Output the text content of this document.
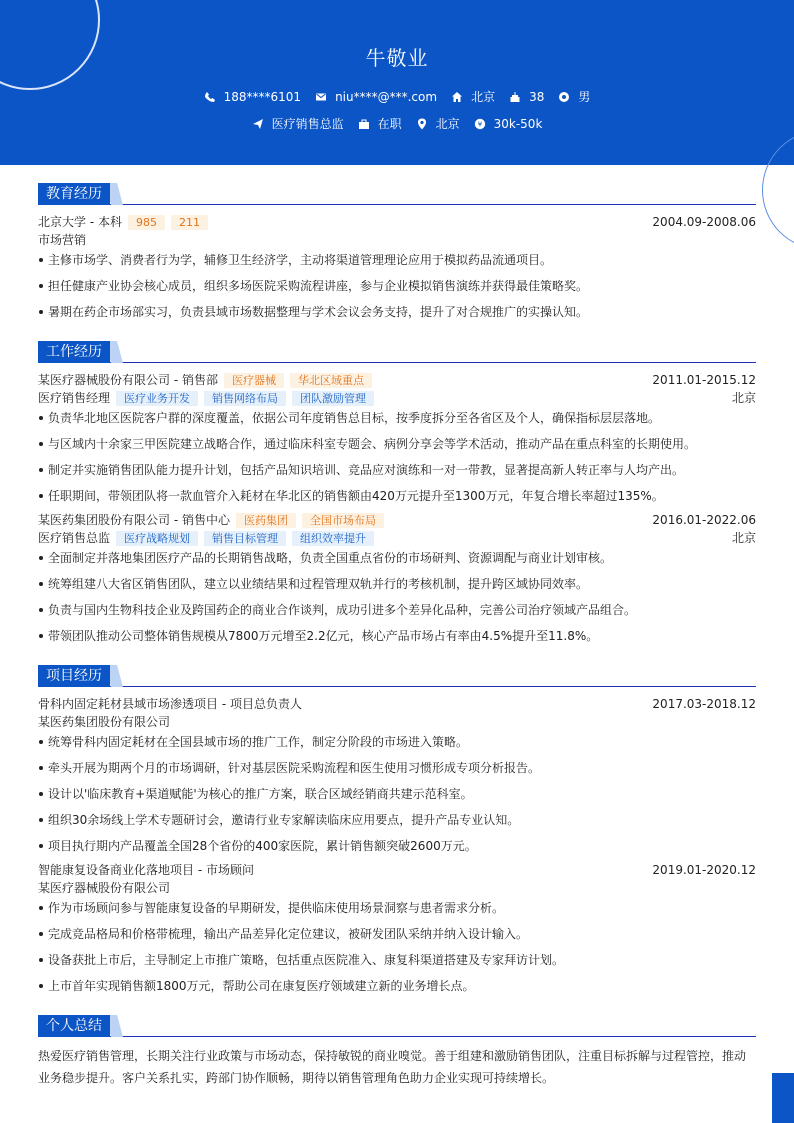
牛敬业
188****6101	niu****@***.com	北京	38	男
医疗销售总监	在职	北京	¥ 30k-50k
教育经历
北京大学 - 本科	985	211	2004.09-2008.06
市场营销
主修市场学、消费者行为学，辅修卫生经济学，主动将渠道管理理论应用于模拟药品流通项目。
担任健康产业协会核心成员，组织多场医院采购流程讲座，参与企业模拟销售演练并获得最佳策略奖。
暑期在药企市场部实习，负责县域市场数据整理与学术会议会务支持，提升了对合规推广的实操认知。
工作经历
某医疗器械股份有限公司 - 销售部	医疗器械	华北区域重点	2011.01-2015.12
医疗销售经理	医疗业务开发	销售网络布局	团队激励管理	北京
负责华北地区医院客户群的深度覆盖，依据公司年度销售总目标，按季度拆分至各省区及个人，确保指标层层落地。
与区域内十余家三甲医院建立战略合作，通过临床科室专题会、病例分享会等学术活动，推动产品在重点科室的长期使用。
制定并实施销售团队能力提升计划，包括产品知识培训、竞品应对演练和一对一带教，显著提高新人转正率与人均产出。
任职期间，带领团队将一款血管介入耗材在华北区的销售额由420万元提升至1300万元，年复合增长率超过135%。
某医药集团股份有限公司 - 销售中心	医药集团	全国市场布局	2016.01-2022.06
医疗销售总监	医疗战略规划	销售目标管理	组织效率提升	北京
全面制定并落地集团医疗产品的长期销售战略，负责全国重点省份的市场研判、资源调配与商业计划审核。
统筹组建八大省区销售团队，建立以业绩结果和过程管理双轨并行的考核机制，提升跨区域协同效率。
负责与国内生物科技企业及跨国药企的商业合作谈判，成功引进多个差异化品种，完善公司治疗领域产品组合。
带领团队推动公司整体销售规模从7800万元增至2.2亿元，核心产品市场占有率由4.5%提升至11.8%。
项目经历
骨科内固定耗材县域市场渗透项目 - 项目总负责人	2017.03-2018.12
某医药集团股份有限公司
统筹骨科内固定耗材在全国县域市场的推广工作，制定分阶段的市场进入策略。
牵头开展为期两个月的市场调研，针对基层医院采购流程和医生使用习惯形成专项分析报告。
设计以'临床教育+渠道赋能'为核心的推广方案，联合区域经销商共建示范科室。
组织30余场线上学术专题研讨会，邀请行业专家解读临床应用要点，提升产品专业认知。
项目执行期内产品覆盖全国28个省份的400家医院，累计销售额突破2600万元。
智能康复设备商业化落地项目 - 市场顾问	2019.01-2020.12
某医疗器械股份有限公司
作为市场顾问参与智能康复设备的早期研发，提供临床使用场景洞察与患者需求分析。
完成竞品格局和价格带梳理，输出产品差异化定位建议，被研发团队采纳并纳入设计输入。
设备获批上市后，主导制定上市推广策略，包括重点医院准入、康复科渠道搭建及专家拜访计划。
上市首年实现销售额1800万元，帮助公司在康复医疗领域建立新的业务增长点。
个人总结
热爱医疗销售管理，长期关注行业政策与市场动态，保持敏锐的商业嗅觉。善于组建和激励销售团队，注重目标拆解与过程管控，推动业务稳步提升。客户关系扎实，跨部门协作顺畅，期待以销售管理角色助力企业实现可持续增长。
